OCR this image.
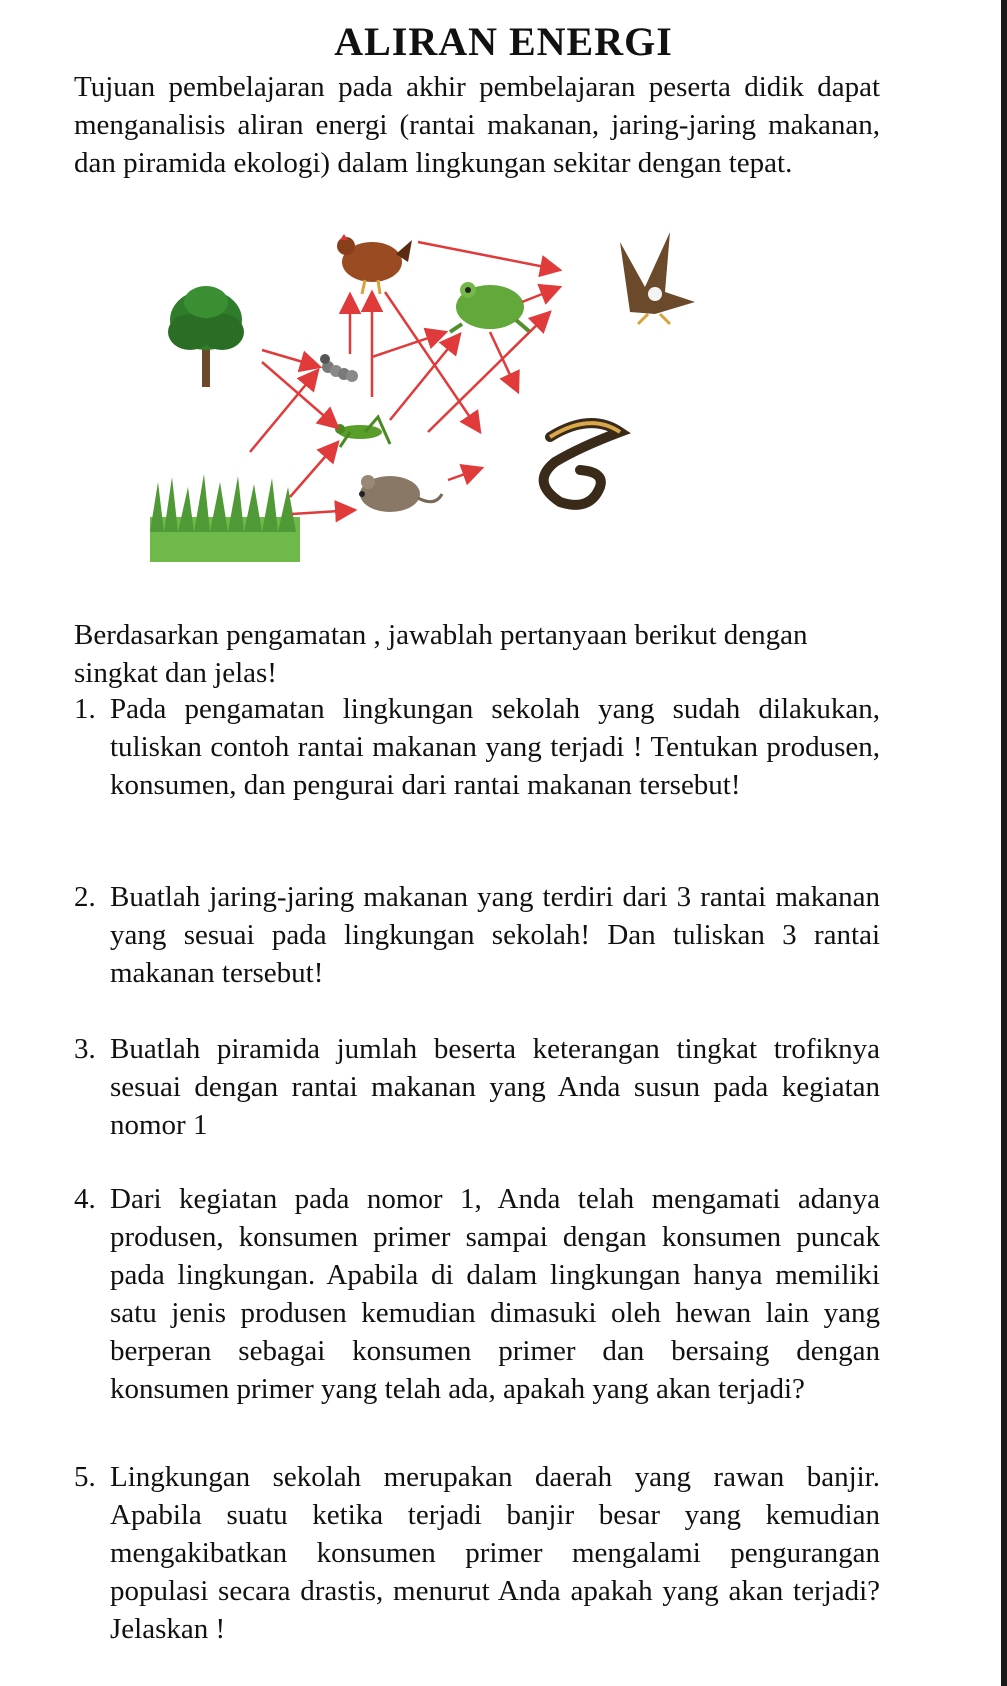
ALIRAN ENERGI
Tujuan pembelajaran pada akhir pembelajaran peserta didik dapat menganalisis aliran energi (rantai makanan, jaring-jaring makanan, dan piramida ekologi) dalam lingkungan sekitar dengan tepat.
Berdasarkan pengamatan , jawablah pertanyaan berikut dengan singkat dan jelas!
1. Pada pengamatan lingkungan sekolah yang sudah dilakukan, tuliskan contoh rantai makanan yang terjadi ! Tentukan produsen, konsumen, dan pengurai dari rantai makanan tersebut!
2. Buatlah jaring-jaring makanan yang terdiri dari 3 rantai makanan yang sesuai pada lingkungan sekolah! Dan tuliskan 3 rantai makanan tersebut!
3. Buatlah piramida jumlah beserta keterangan tingkat trofiknya sesuai dengan rantai makanan yang Anda susun pada kegiatan nomor 1
4. Dari kegiatan pada nomor 1, Anda telah mengamati adanya produsen, konsumen primer sampai dengan konsumen puncak pada lingkungan. Apabila di dalam lingkungan hanya memiliki satu jenis produsen kemudian dimasuki oleh hewan lain yang berperan sebagai konsumen primer dan bersaing dengan konsumen primer yang telah ada, apakah yang akan terjadi?
5. Lingkungan sekolah merupakan daerah yang rawan banjir. Apabila suatu ketika terjadi banjir besar yang kemudian mengakibatkan konsumen primer mengalami pengurangan populasi secara drastis, menurut Anda apakah yang akan terjadi? Jelaskan !
